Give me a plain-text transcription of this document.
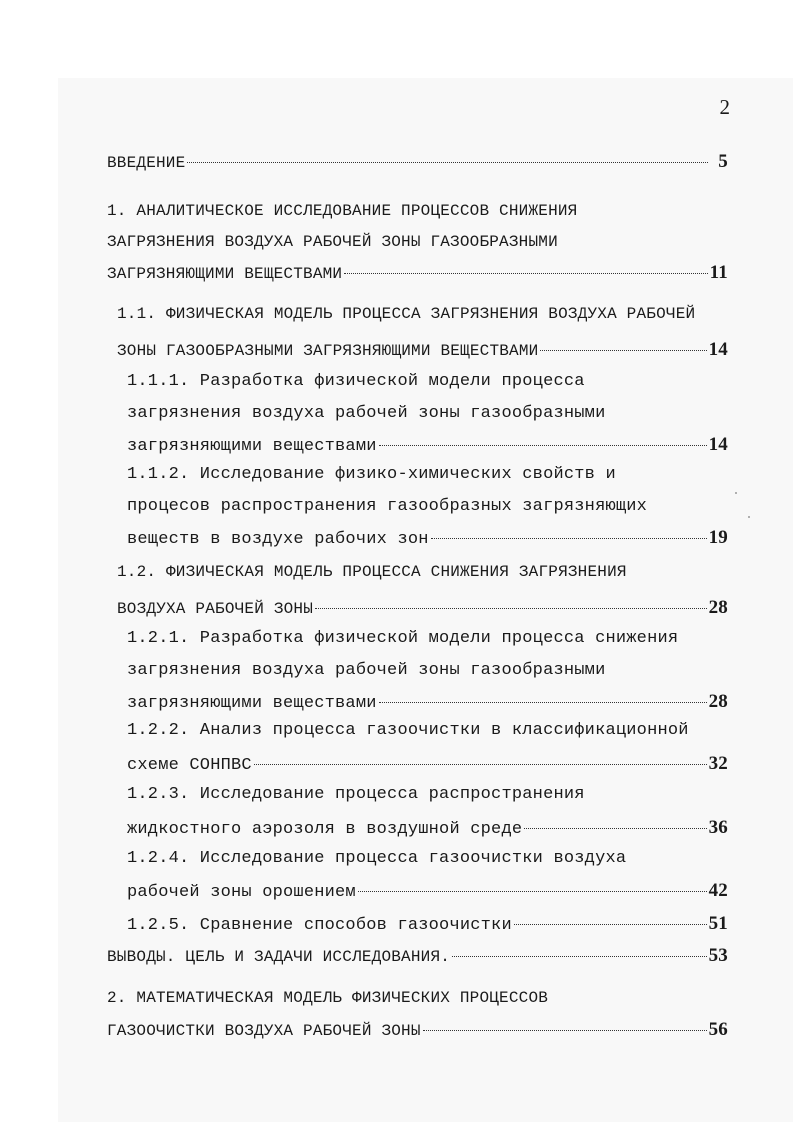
2
ВВЕДЕНИЕ	5
1. АНАЛИТИЧЕСКОЕ ИССЛЕДОВАНИЕ ПРОЦЕССОВ СНИЖЕНИЯ
ЗАГРЯЗНЕНИЯ ВОЗДУХА РАБОЧЕЙ ЗОНЫ ГАЗООБРАЗНЫМИ
ЗАГРЯЗНЯЮЩИМИ ВЕЩЕСТВАМИ	11
1.1. ФИЗИЧЕСКАЯ МОДЕЛЬ ПРОЦЕССА ЗАГРЯЗНЕНИЯ ВОЗДУХА РАБОЧЕЙ
ЗОНЫ ГАЗООБРАЗНЫМИ ЗАГРЯЗНЯЮЩИМИ ВЕЩЕСТВАМИ	14
1.1.1. Разработка физической модели процесса
загрязнения воздуха рабочей зоны газообразными
загрязняющими веществами	14
1.1.2. Исследование физико-химических свойств и
процесов распространения газообразных загрязняющих
веществ в воздухе рабочих зон	19
1.2. ФИЗИЧЕСКАЯ МОДЕЛЬ ПРОЦЕССА СНИЖЕНИЯ ЗАГРЯЗНЕНИЯ
ВОЗДУХА РАБОЧЕЙ ЗОНЫ	28
1.2.1. Разработка физической модели процесса снижения
загрязнения воздуха рабочей зоны газообразными
загрязняющими веществами	28
1.2.2. Анализ процесса газоочистки в классификационной
схеме СОНПВС	32
1.2.3. Исследование процесса распространения
жидкостного аэрозоля в воздушной среде	36
1.2.4. Исследование процесса газоочистки воздуха
рабочей зоны орошением	42
1.2.5. Сравнение способов газоочистки	51
ВЫВОДЫ. ЦЕЛЬ И ЗАДАЧИ ИССЛЕДОВАНИЯ.	53
2. МАТЕМАТИЧЕСКАЯ МОДЕЛЬ ФИЗИЧЕСКИХ ПРОЦЕССОВ
ГАЗООЧИСТКИ ВОЗДУХА РАБОЧЕЙ ЗОНЫ	56
